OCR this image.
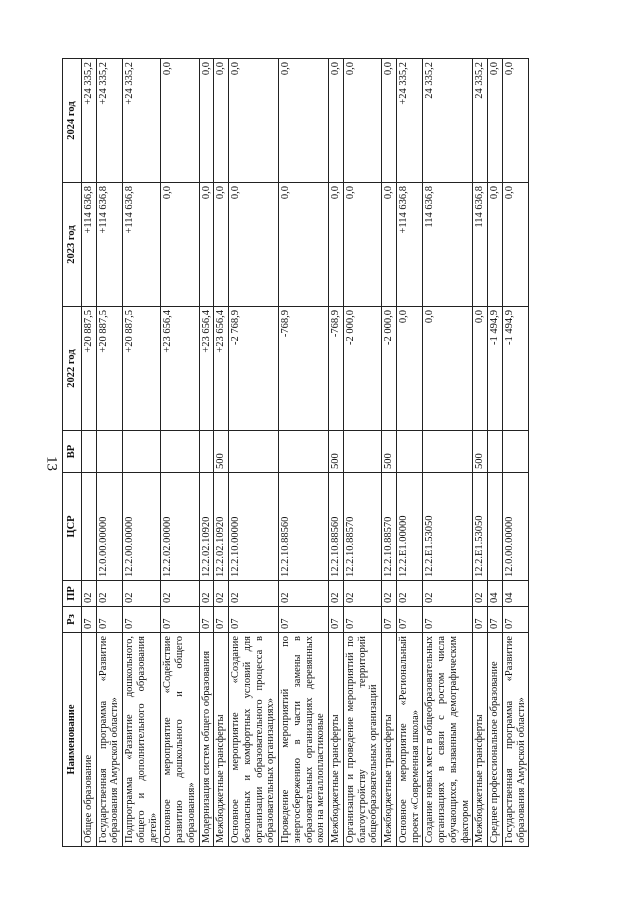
13
Наименование	Рз	ПР	ЦСР	ВР	2022 год	2023 год	2024 год
Общее образование	07	02			+20 887,5	+114 636,8	+24 335,2
Государственная программа «Развитие образования Амурской области»	07	02	12.0.00.00000		+20 887,5	+114 636,8	+24 335,2
Подпрограмма «Развитие дошкольного, общего и дополнительного образования детей»	07	02	12.2.00.00000		+20 887,5	+114 636,8	+24 335,2
Основное мероприятие «Содействие развитию дошкольного и общего образования»	07	02	12.2.02.00000		+23 656,4	0,0	0,0
Модернизация систем общего образования	07	02	12.2.02.10920		+23 656,4	0,0	0,0
Межбюджетные трансферты	07	02	12.2.02.10920	500	+23 656,4	0,0	0,0
Основное мероприятие «Создание безопасных и комфортных условий для организации образовательного процесса в образовательных организациях»	07	02	12.2.10.00000		-2 768,9	0,0	0,0
Проведение мероприятий по энергосбережению в части замены в образовательных организациях деревянных окон на металлопластиковые	07	02	12.2.10.88560		-768,9	0,0	0,0
Межбюджетные трансферты	07	02	12.2.10.88560	500	-768,9	0,0	0,0
Организация и проведение мероприятий по благоустройству территорий общеобразовательных организаций	07	02	12.2.10.88570		-2 000,0	0,0	0,0
Межбюджетные трансферты	07	02	12.2.10.88570	500	-2 000,0	0,0	0,0
Основное мероприятие «Региональный проект «Современная школа»	07	02	12.2.E1.00000		0,0	+114 636,8	+24 335,2
Создание новых мест в общеобразовательных организациях в связи с ростом числа обучающихся, вызванным демографическим фактором	07	02	12.2.E1.53050		0,0	114 636,8	24 335,2
Межбюджетные трансферты	07	02	12.2.E1.53050	500	0,0	114 636,8	24 335,2
Среднее профессиональное образование	07	04			-1 494,9	0,0	0,0
Государственная программа «Развитие образования Амурской области»	07	04	12.0.00.00000		-1 494,9	0,0	0,0
